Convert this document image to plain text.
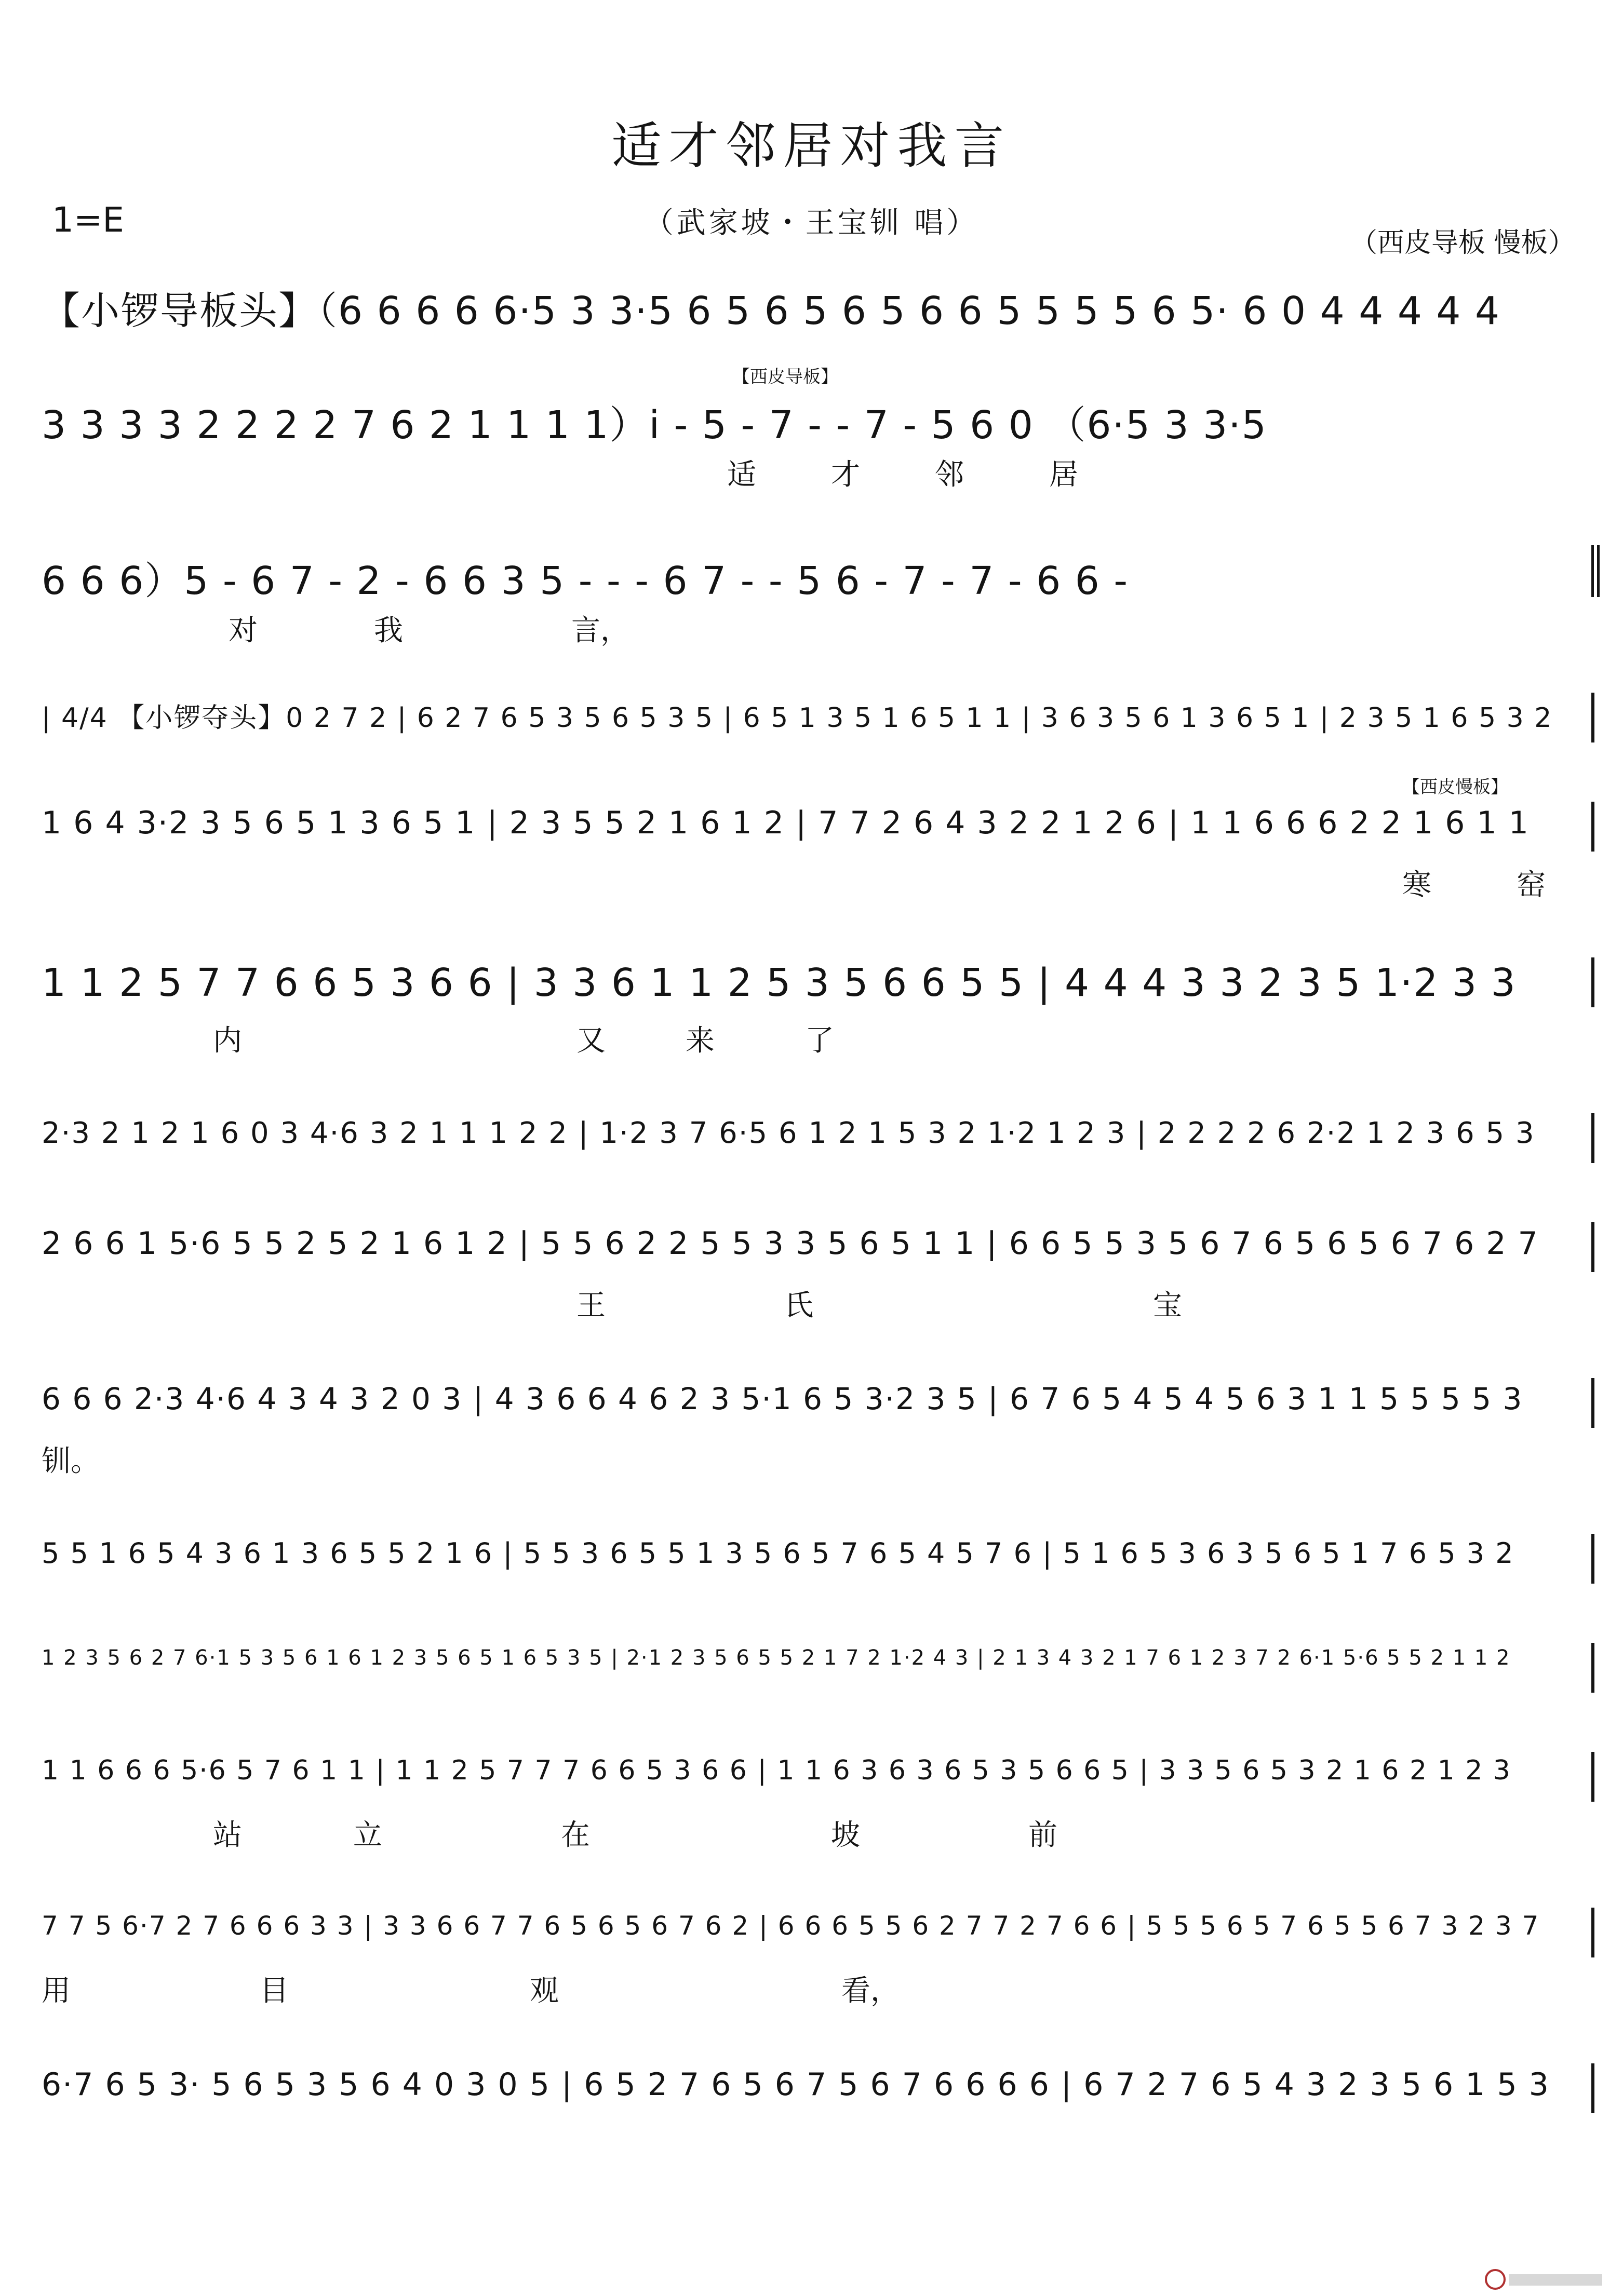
适才邻居对我言
1=E	（武家坡・王宝钏 唱）
（西皮导板 慢板）
【小锣导板头】（6 6 6 6 6·5 3 3·5 6 5 6 5 6 5 6 6 5 5 5 5 6 5· 6 0 4 4 4 4 4
3 3 3 3 2 2 2 2 7 6 2 1 1 1 1）i̇ - 5 - 7 - - 7 - 5 6 0 （6·5 3 3·5
【西皮导板】
适	才	邻	居
6 6 6）5 - 6 7 - 2 - 6 6 3 5 - - - 6 7 - - 5 6 - 7 - 7 - 6 6 -
对	我	言，
| 4/4 【小锣夺头】0 2 7 2 | 6 2 7 6 5 3 5 6 5 3 5 | 6 5 1 3 5 1 6 5 1 1 | 3 6 3 5 6 1 3 6 5 1 | 2 3 5 1 6 5 3 2
1 6 4 3·2 3 5 6 5 1 3 6 5 1 | 2 3 5 5 2 1 6 1 2 | 7 7 2 6 4 3 2 2 1 2 6 | 1 1 6 6 6 2 2 1 6 1 1
【西皮慢板】
寒	窑
1 1 2 5 7 7 6 6 5 3 6 6 | 3 3 6 1 1 2 5 3 5 6 6 5 5 | 4 4 4 3 3 2 3 5 1·2 3 3
内	又	来	了
2·3 2 1 2 1 6 0 3 4·6 3 2 1 1 1 2 2 | 1·2 3 7 6·5 6 1 2 1 5 3 2 1·2 1 2 3 | 2 2 2 2 6 2·2 1 2 3 6 5 3
2 6 6 1 5·6 5 5 2 5 2 1 6 1 2 | 5 5 6 2 2 5 5 3 3 5 6 5 1 1 | 6 6 5 5 3 5 6 7 6 5 6 5 6 7 6 2 7
王	氏	宝
6 6 6 2·3 4·6 4 3 4 3 2 0 3 | 4 3 6 6 4 6 2 3 5·1 6 5 3·2 3 5 | 6 7 6 5 4 5 4 5 6 3 1 1 5 5 5 5 3
钏。
5 5 1 6 5 4 3 6 1 3 6 5 5 2 1 6 | 5 5 3 6 5 5 1 3 5 6 5 7 6 5 4 5 7 6 | 5 1 6 5 3 6 3 5 6 5 1 7 6 5 3 2
1 2 3 5 6 2 7 6·1 5 3 5 6 1 6 1 2 3 5 6 5 1 6 5 3 5 | 2·1 2 3 5 6 5 5 2 1 7 2 1·2 4 3 | 2 1 3 4 3 2 1 7 6 1 2 3 7 2 6·1 5·6 5 5 2 1 1 2
1 1 6 6 6 5·6 5 7 6 1 1 | 1 1 2 5 7 7 7 6 6 5 3 6 6 | 1 1 6 3 6 3 6 5 3 5 6 6 5 | 3 3 5 6 5 3 2 1 6 2 1 2 3
站	立	在	坡	前
7 7 5 6·7 2 7 6 6 6 3 3 | 3 3 6 6 7 7 6 5 6 5 6 7 6 2 | 6 6 6 5 5 6 2 7 7 2 7 6 6 | 5 5 5 6 5 7 6 5 5 6 7 3 2 3 7
用	目	观	看，
6·7 6 5 3· 5 6 5 3 5 6 4 0 3 0 5 | 6 5 2 7 6 5 6 7 5 6 7 6 6 6 6 | 6 7 2 7 6 5 4 3 2 3 5 6 1 5 3
